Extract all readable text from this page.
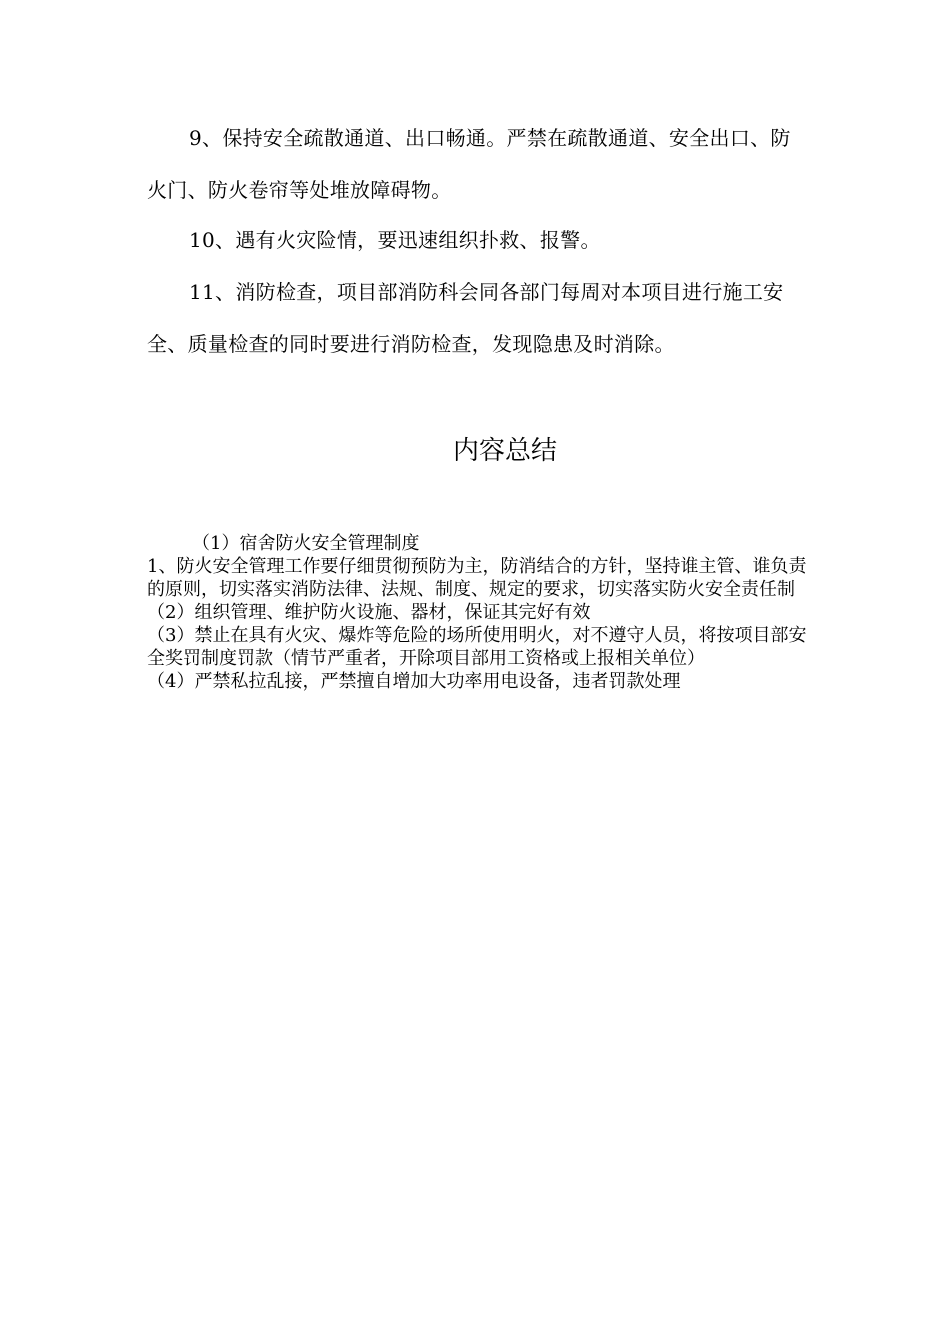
9、保持安全疏散通道、出口畅通。严禁在疏散通道、安全出口、防火门、防火卷帘等处堆放障碍物。

10、遇有火灾险情，要迅速组织扑救、报警。

11、消防检查，项目部消防科会同各部门每周对本项目进行施工安全、质量检查的同时要进行消防检查，发现隐患及时消除。

内容总结
（1）宿舍防火安全管理制度
1、防火安全管理工作要仔细贯彻预防为主，防消结合的方针，坚持谁主管、谁负责的原则，切实落实消防法律、法规、制度、规定的要求，切实落实防火安全责任制
（2）组织管理、维护防火设施、器材，保证其完好有效
（3）禁止在具有火灾、爆炸等危险的场所使用明火，对不遵守人员，将按项目部安全奖罚制度罚款（情节严重者，开除项目部用工资格或上报相关单位）
（4）严禁私拉乱接，严禁擅自增加大功率用电设备，违者罚款处理
